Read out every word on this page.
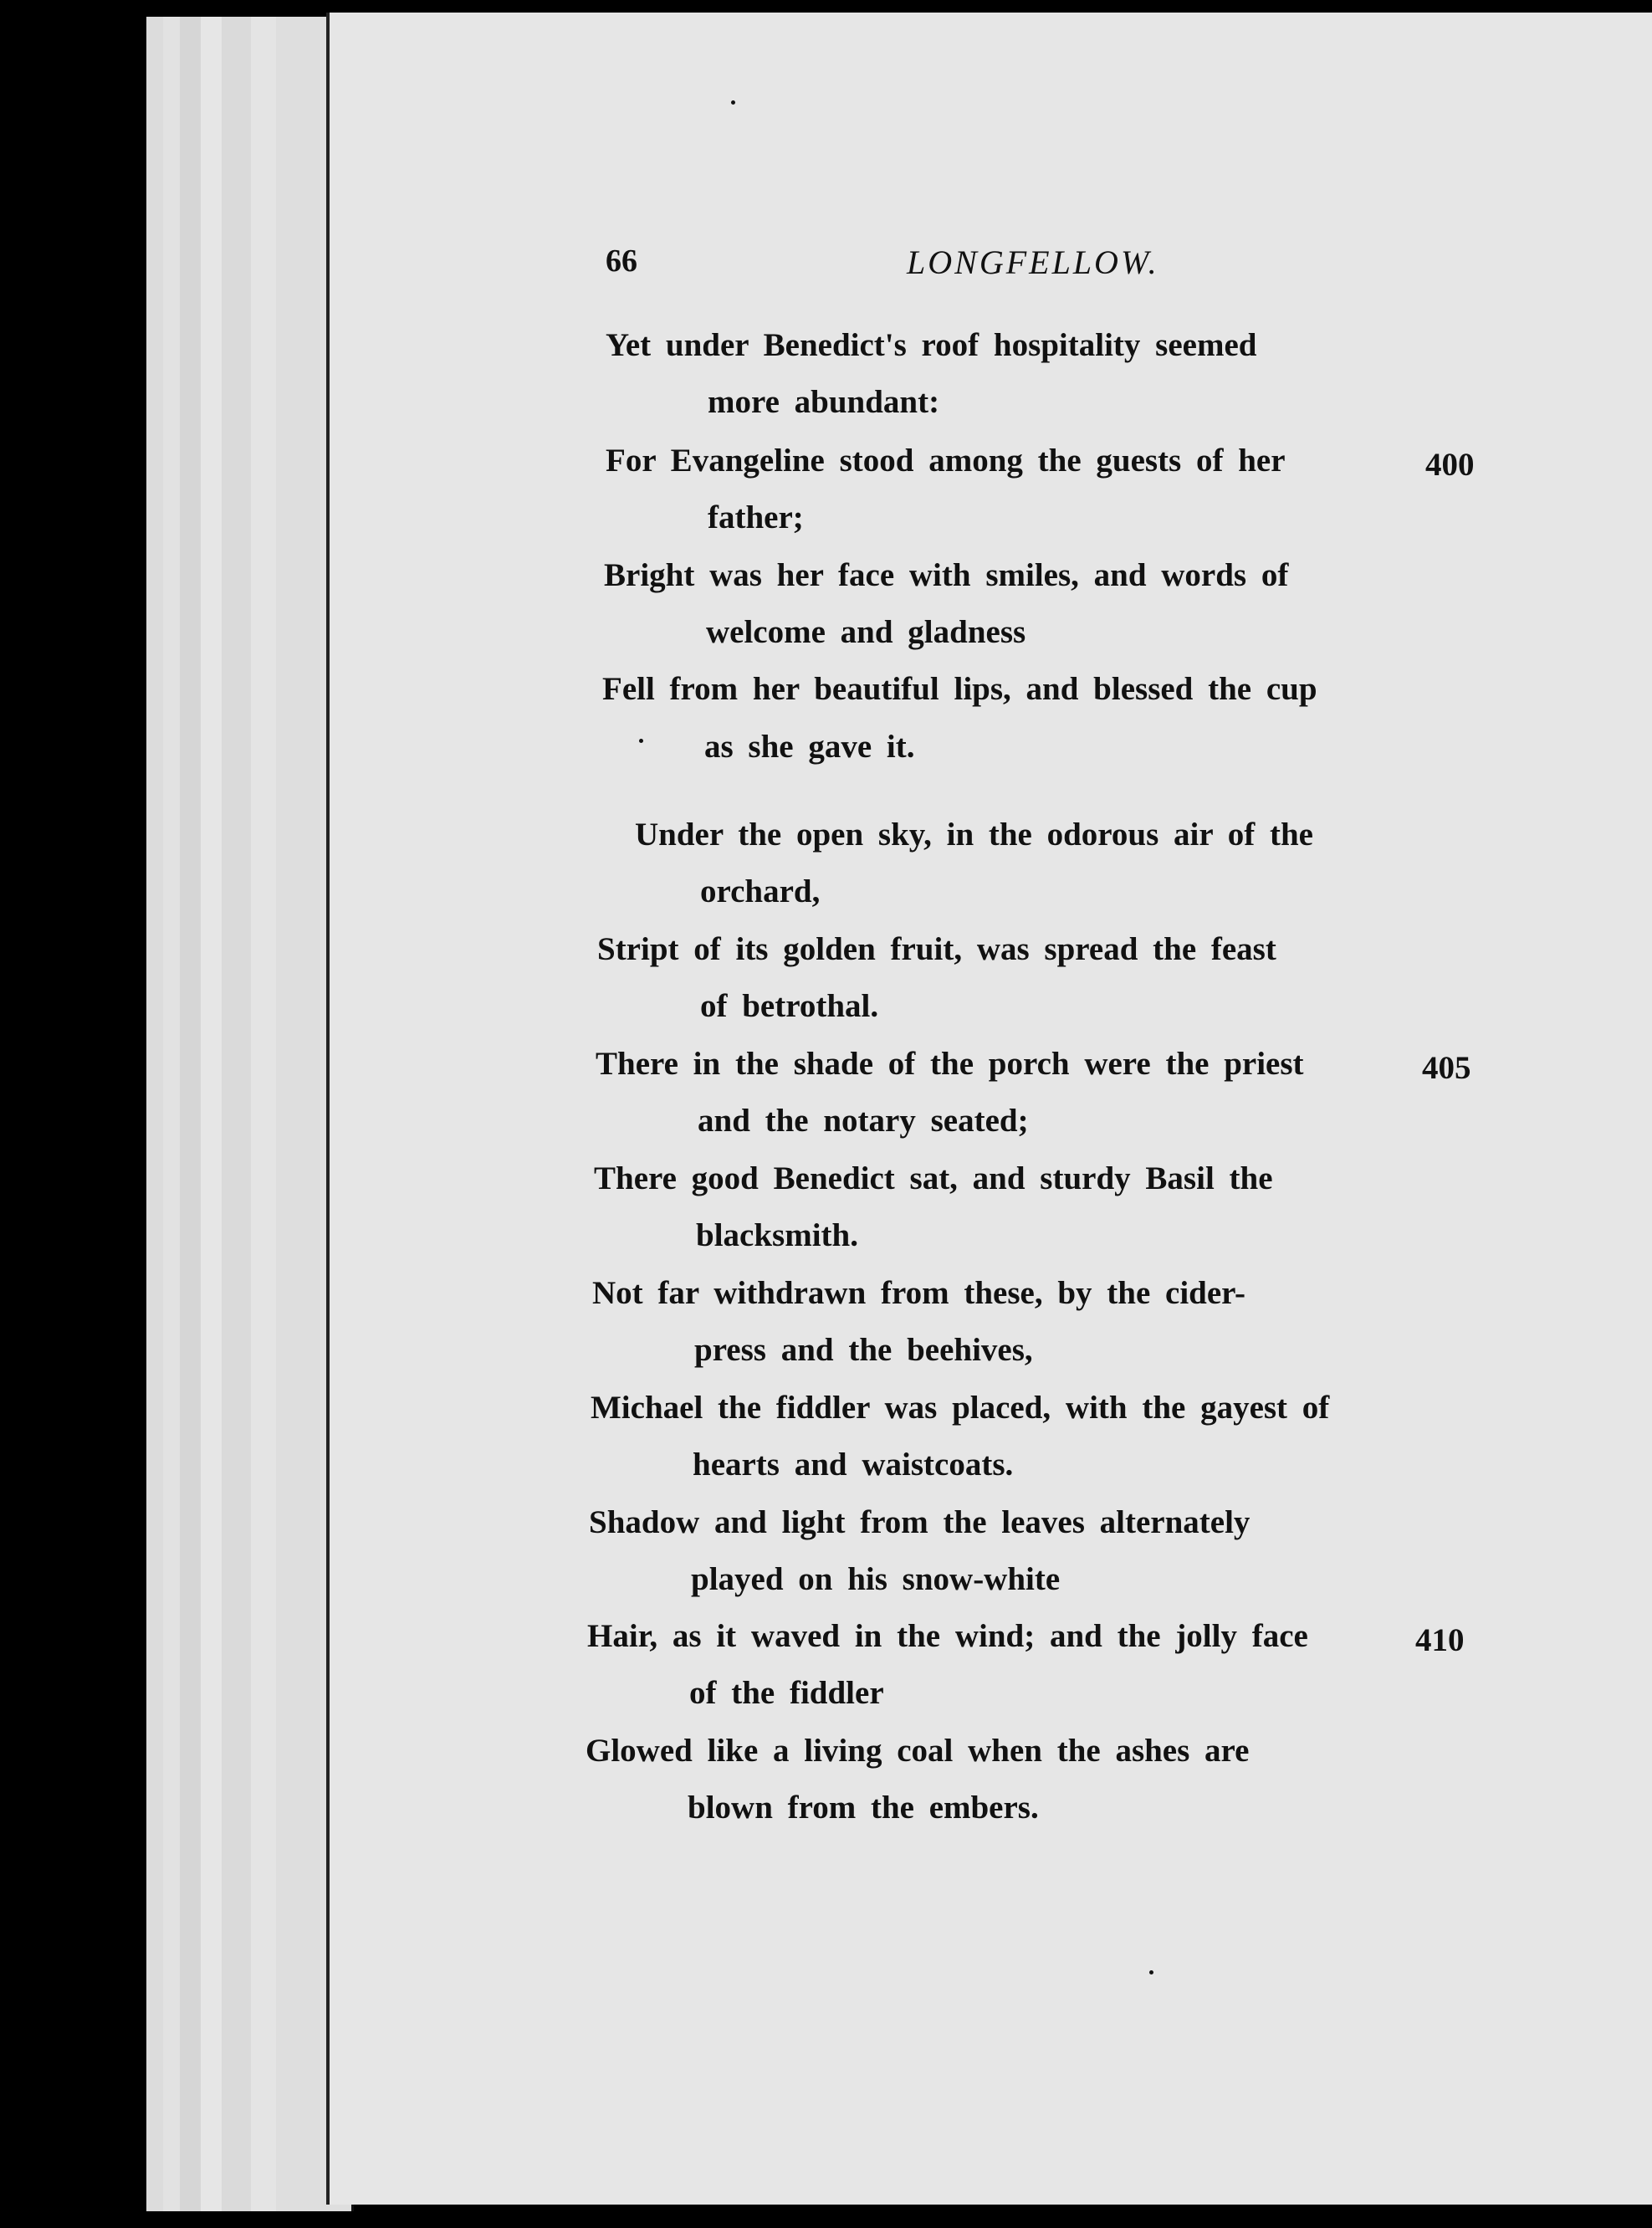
66	LONGFELLOW.
Yet under Benedict's roof hospitality seemed
more abundant:
For Evangeline stood among the guests of her	400
father;
Bright was her face with smiles, and words of
welcome and gladness
Fell from her beautiful lips, and blessed the cup
as she gave it.
Under the open sky, in the odorous air of the
orchard,
Stript of its golden fruit, was spread the feast
of betrothal.
There in the shade of the porch were the priest	405
and the notary seated;
There good Benedict sat, and sturdy Basil the
blacksmith.
Not far withdrawn from these, by the cider-
press and the beehives,
Michael the fiddler was placed, with the gayest of
hearts and waistcoats.
Shadow and light from the leaves alternately
played on his snow-white
Hair, as it waved in the wind; and the jolly face	410
of the fiddler
Glowed like a living coal when the ashes are
blown from the embers.
